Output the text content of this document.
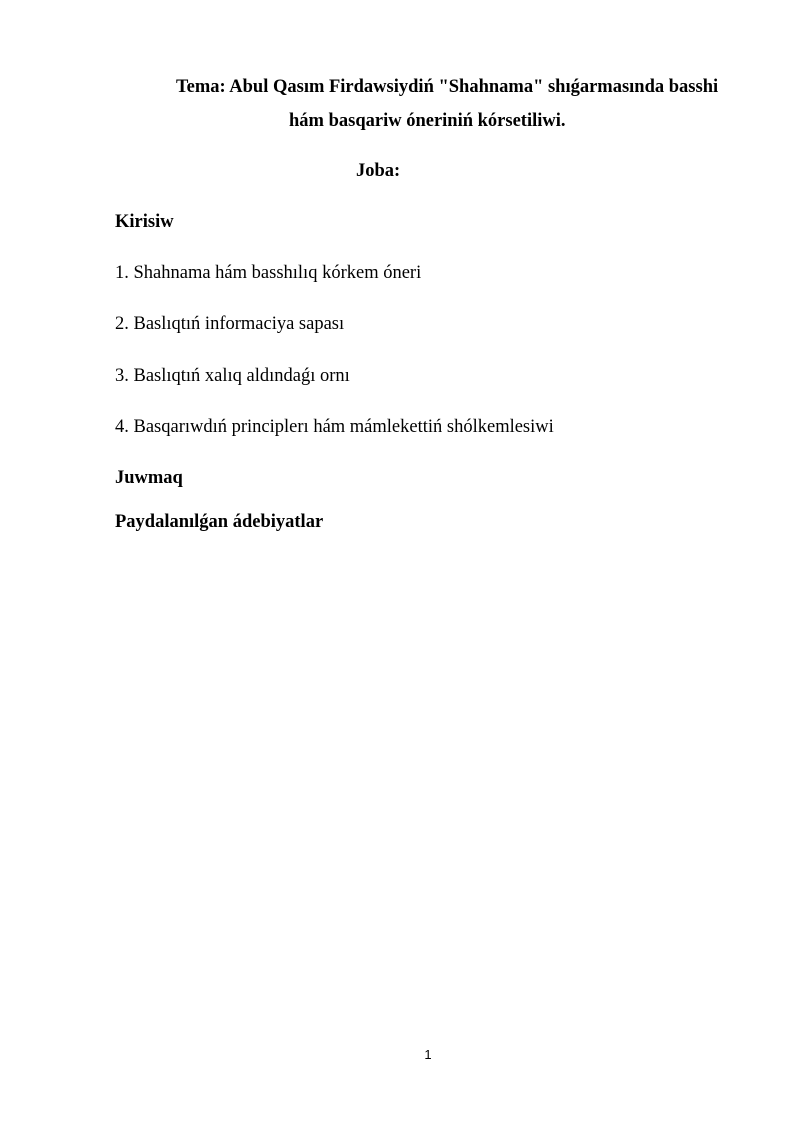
Tema: Abul Qasım Firdawsiydiń "Shahnama" shıǵarmasında basshi
hám basqariw óneriniń kórsetiliwi.
Joba:
Kirisiw
1. Shahnama hám basshılıq kórkem óneri
2. Baslıqtıń informaciya sapası
3. Baslıqtıń xalıq aldındaǵı ornı
4. Basqarıwdıń principlerı hám mámlekettiń shólkemlesiwi
Juwmaq
Paydalanılǵan ádebiyatlar
1
